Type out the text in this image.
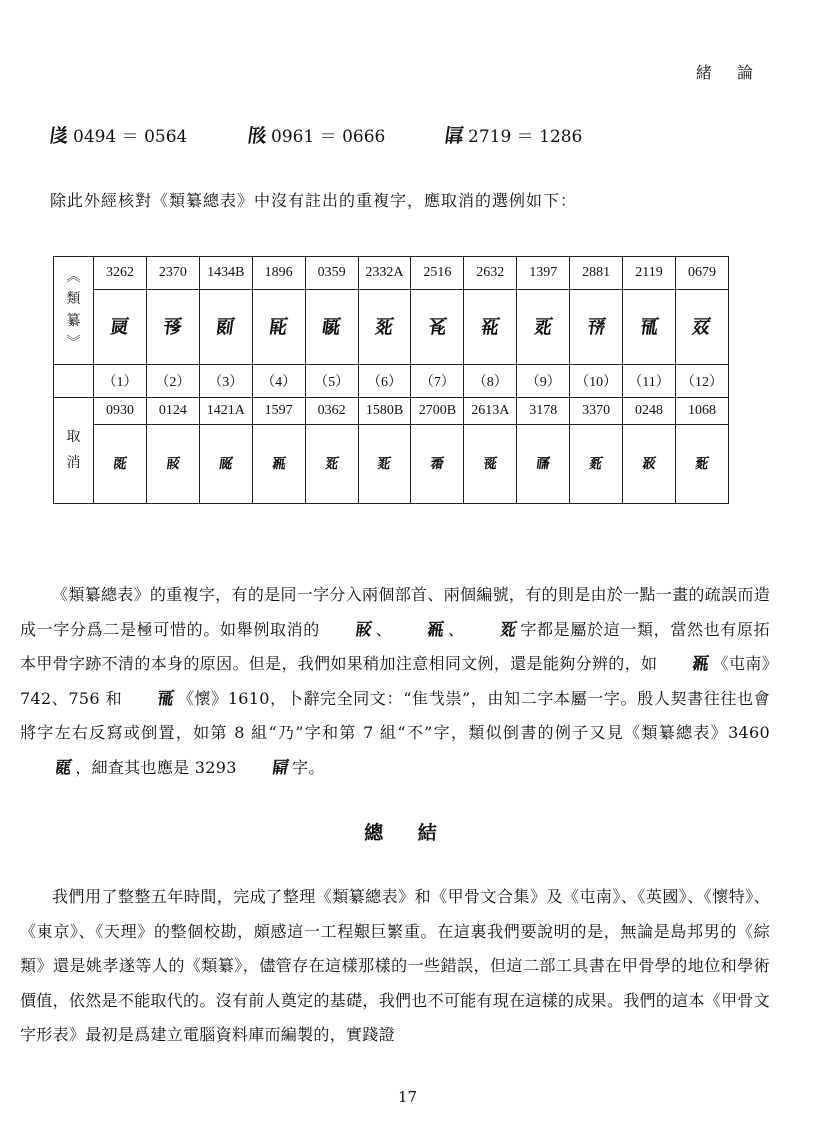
緒 論
𗁅 0494 ＝ 0564	𗁆 0961 ＝ 0666	𗁇 2719 ＝ 1286
除此外經核對《類纂總表》中沒有註出的重複字，應取消的選例如下：
︽
類
纂
︾	3262	2370	1434B	1896	0359	2332A	2516	2632	1397	2881	2119	0679
	𗀁	𗀂	𗀃	𗀄	𗀅	𗀆	𗀇	𗀈	𗀉	𗀊	𗀋	𗀌
	（1）	（2）	（3）	（4）	（5）	（6）	（7）	（8）	（9）	（10）	（11）	（12）

取
消	0930	0124	1421A	1597	0362	1580B	2700B	2613A	3178	3370	0248	1068
	𗀍	𗀎	𗀏	𗀐	𗀑	𗀒	𗀓	𗀔	𗀕	𗀖	𗀗	𗀘

《類纂總表》的重複字，有的是同一字分入兩個部首、兩個編號，有的則是由於一點一畫的疏誤而造成一字分爲二是極可惜的。如舉例取消的 𗀎、 𗀐、 𗀑字都是屬於這一類，當然也有原拓本甲骨字跡不清的本身的原因。但是，我們如果稍加注意相同文例，還是能夠分辨的，如 𗀐《屯南》742、756 和 𗀙《懷》1610，卜辭完全同文：“隹𢦏祟”，由知二字本屬一字。殷人契書往往也會將字左右反寫或倒置，如第 8 組“乃”字和第 7 組“不”字，類似倒書的例子又見《類纂總表》3460𗀚，細查其也應是 3293 𗀛字。

總 結

我們用了整整五年時間，完成了整理《類纂總表》和《甲骨文合集》及《屯南》、《英國》、《懷特》、《東京》、《天理》的整個校勘，頗感這一工程艱巨繁重。在這裏我們要說明的是，無論是島邦男的《綜類》還是姚孝遂等人的《類纂》，儘管存在這樣那樣的一些錯誤，但這二部工具書在甲骨學的地位和學術價值，依然是不能取代的。沒有前人奠定的基礎，我們也不可能有現在這樣的成果。我們的這本《甲骨文字形表》最初是爲建立電腦資料庫而編製的，實踐證

17
